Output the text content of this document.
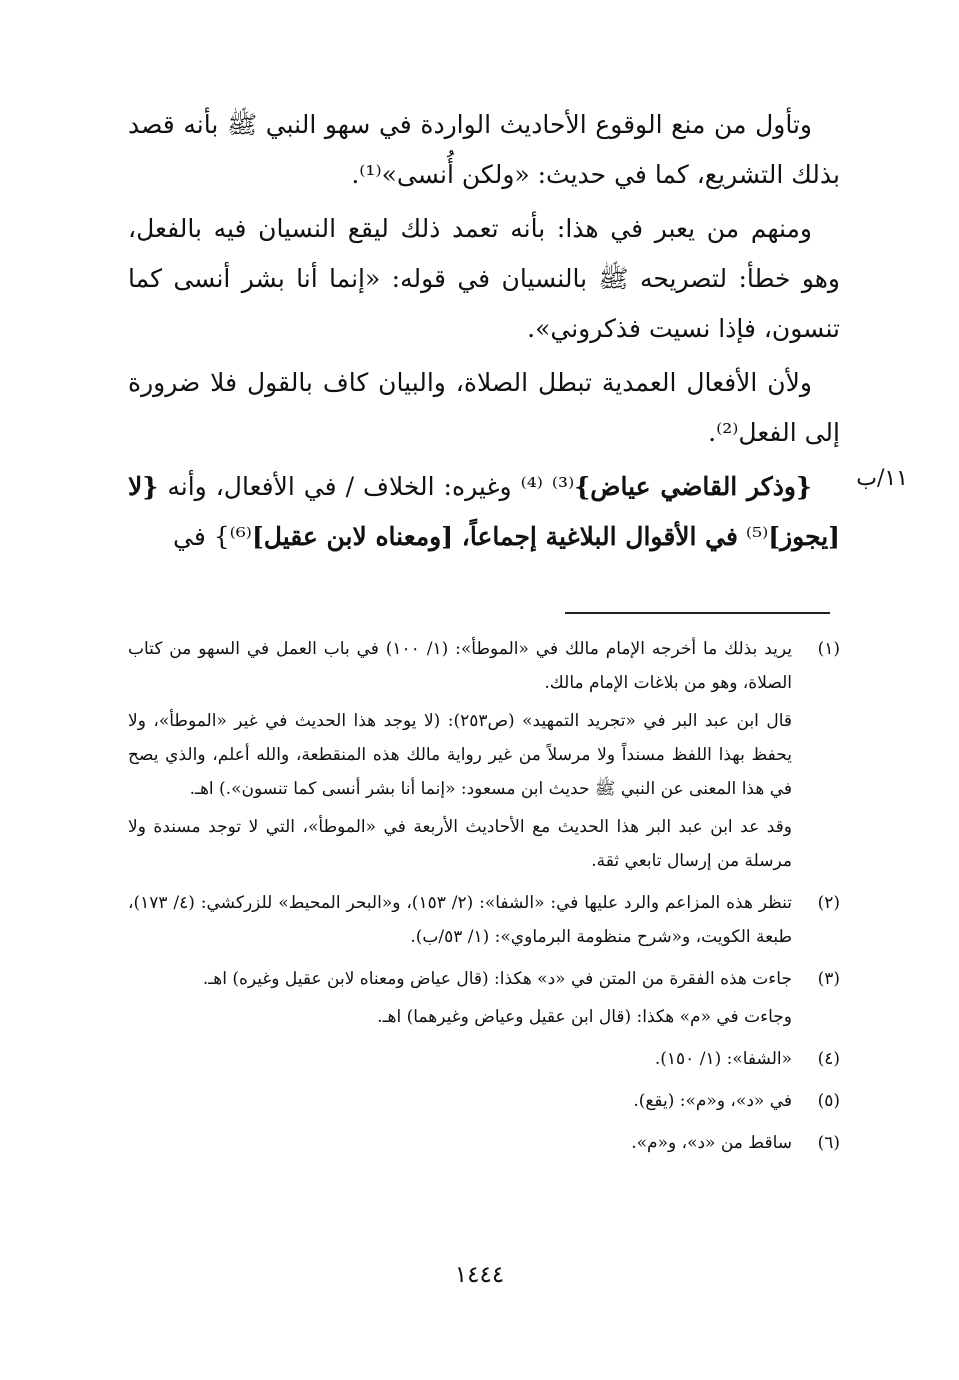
وتأول من منع الوقوع الأحاديث الواردة في سهو النبي ﷺ بأنه قصد بذلك التشريع، كما في حديث: «ولكن أُنسى»⁽¹⁾.

ومنهم من يعبر في هذا: بأنه تعمد ذلك ليقع النسيان فيه بالفعل، وهو خطأ: لتصريحه ﷺ بالنسيان في قوله: «إنما أنا بشر أنسى كما تنسون، فإذا نسيت فذكروني».

ولأن الأفعال العمدية تبطل الصلاة، والبيان كاف بالقول فلا ضرورة إلى الفعل⁽²⁾.

{وذكر القاضي عياض}⁽³⁾ ⁽⁴⁾ وغيره: الخلاف / في الأفعال، وأنه {لا [يجوز]⁽⁵⁾ في الأقوال البلاغية إجماعاً، [ومعناه لابن عقيل]⁽⁶⁾} في

١١/ب
(١)

يريد بذلك ما أخرجه الإمام مالك في «الموطأ»: (١/ ١٠٠) في باب العمل في السهو من كتاب الصلاة، وهو من بلاغات الإمام مالك.

قال ابن عبد البر في «تجريد التمهيد» (ص٢٥٣): (لا يوجد هذا الحديث في غير «الموطأ»، ولا يحفظ بهذا اللفظ مسنداً ولا مرسلاً من غير رواية مالك هذه المنقطعة، والله أعلم، والذي يصح في هذا المعنى عن النبي ﷺ حديث ابن مسعود: «إنما أنا بشر أنسى كما تنسون».) اهـ.

وقد عد ابن عبد البر هذا الحديث مع الأحاديث الأربعة في «الموطأ»، التي لا توجد مسندة ولا مرسلة من إرسال تابعي ثقة.

(٢)

تنظر هذه المزاعم والرد عليها في: «الشفا»: (٢/ ١٥٣)، و«البحر المحيط» للزركشي: (٤/ ١٧٣)، طبعة الكويت، و«شرح منظومة البرماوي»: (١/ ٥٣/ب).

(٣)

جاءت هذه الفقرة من المتن في «د» هكذا: (قال عياض ومعناه لابن عقيل وغيره) اهـ.

وجاءت في «م» هكذا: (قال ابن عقيل وعياض وغيرهما) اهـ.

(٤)

«الشفا»: (١/ ١٥٠).

(٥)

في «د»، و«م»: (يقع).

(٦)

ساقط من «د»، و«م».

١٤٤٤
